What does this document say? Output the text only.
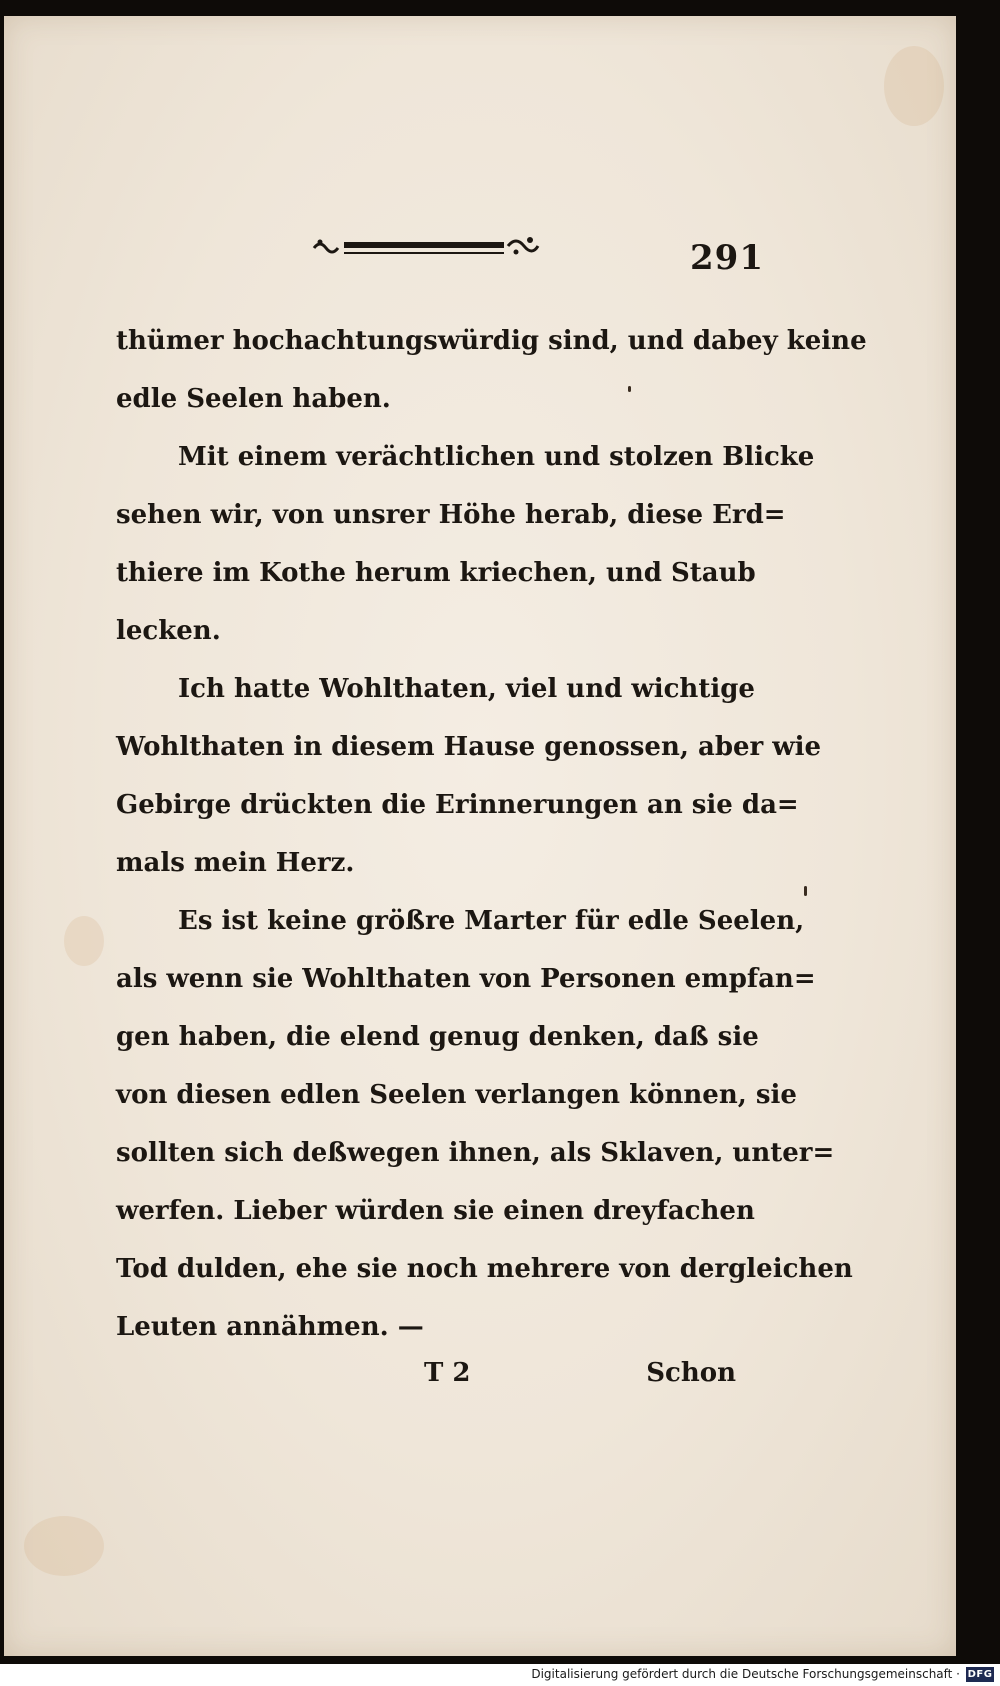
291
thümer hochachtungswürdig sind, und dabey keine
edle Seelen haben.
Mit einem verächtlichen und stolzen Blicke
sehen wir, von unsrer Höhe herab, diese Erd=
thiere im Kothe herum kriechen, und Staub
lecken.
Ich hatte Wohlthaten, viel und wichtige
Wohlthaten in diesem Hause genossen, aber wie
Gebirge drückten die Erinnerungen an sie da=
mals mein Herz.
Es ist keine größre Marter für edle Seelen,
als wenn sie Wohlthaten von Personen empfan=
gen haben, die elend genug denken, daß sie
von diesen edlen Seelen verlangen können, sie
sollten sich deßwegen ihnen, als Sklaven, unter=
werfen. Lieber würden sie einen dreyfachen
Tod dulden, ehe sie noch mehrere von dergleichen
Leuten annähmen. —
T 2	Schon
Digitalisierung gefördert durch die Deutsche Forschungsgemeinschaft · DFG
